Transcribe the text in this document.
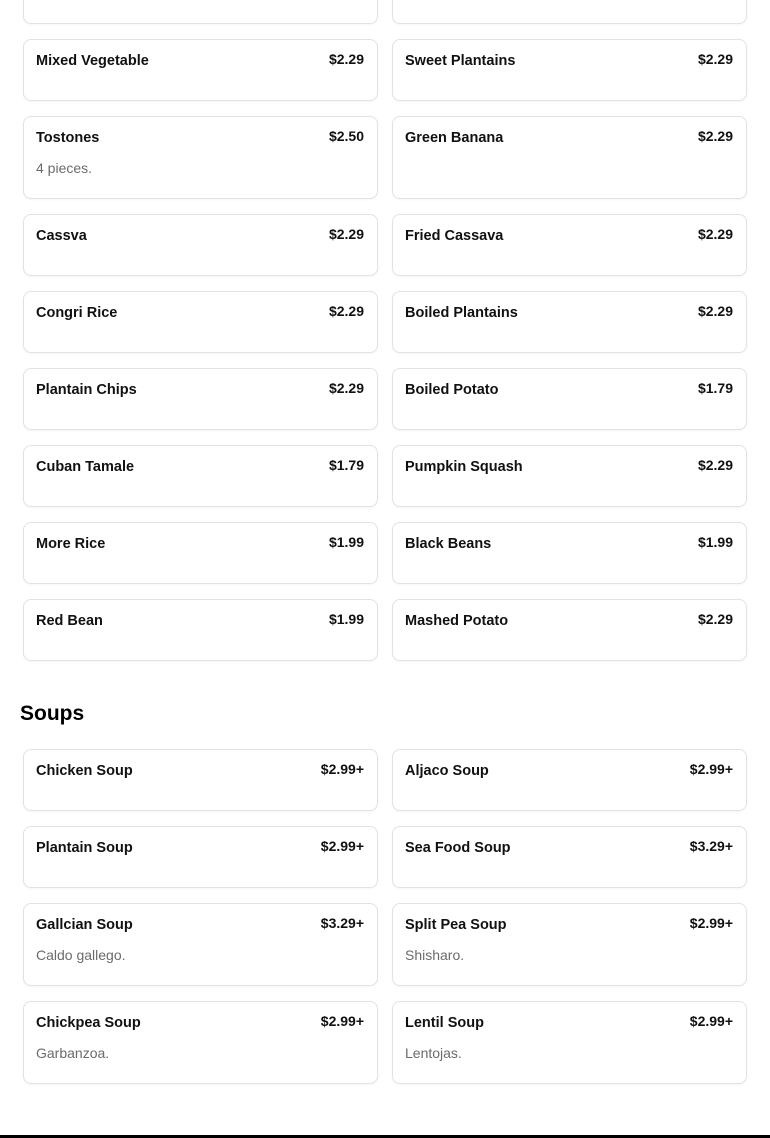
Mixed Vegetable	$2.29	Sweet Plantains	$2.29
Tostones	$2.50
4 pieces.
Green Banana	$2.29
Cassva	$2.29	Fried Cassava	$2.29
Congri Rice	$2.29	Boiled Plantains	$2.29
Plantain Chips	$2.29	Boiled Potato	$1.79
Cuban Tamale	$1.79	Pumpkin Squash	$2.29
More Rice	$1.99	Black Beans	$1.99
Red Bean	$1.99	Mashed Potato	$2.29
Soups
Chicken Soup	$2.99+	Aljaco Soup	$2.99+
Plantain Soup	$2.99+	Sea Food Soup	$3.29+
Gallcian Soup	$3.29+
Caldo gallego.
Split Pea Soup	$2.99+
Shisharo.
Chickpea Soup	$2.99+
Garbanzoa.
Lentil Soup	$2.99+
Lentojas.
